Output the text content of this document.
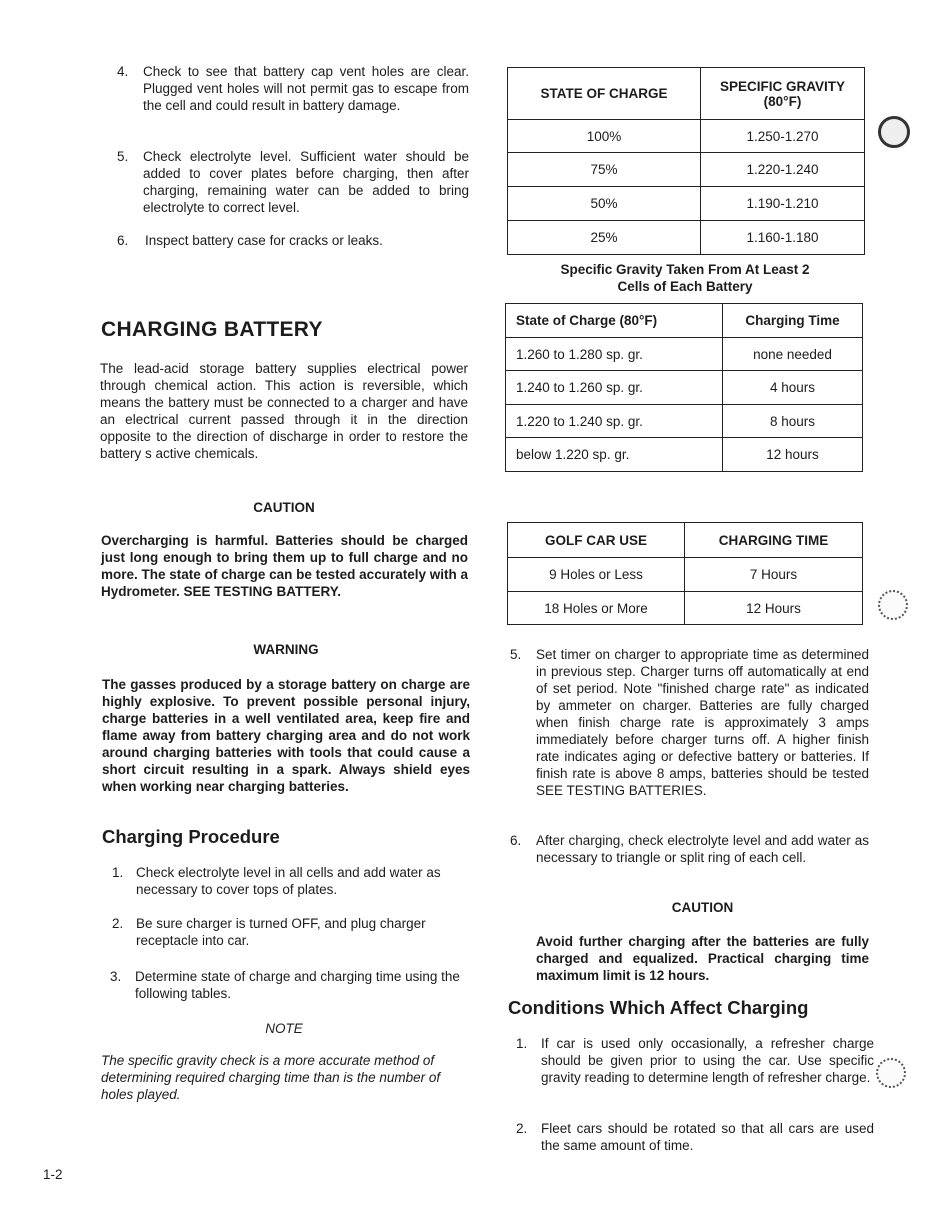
4. Check to see that battery cap vent holes are clear. Plugged vent holes will not permit gas to escape from the cell and could result in battery damage.

5. Check electrolyte level. Sufficient water should be added to cover plates before charging, then after charging, remaining water can be added to bring electrolyte to correct level.

6. Inspect battery case for cracks or leaks.

CHARGING BATTERY

The lead-acid storage battery supplies electrical power through chemical action. This action is reversible, which means the battery must be connected to a charger and have an electrical current passed through it in the direction opposite to the direction of discharge in order to restore the battery s active chemicals.

CAUTION

Overcharging is harmful. Batteries should be charged just long enough to bring them up to full charge and no more. The state of charge can be tested accurately with a Hydrometer. SEE TESTING BATTERY.

WARNING

The gasses produced by a storage battery on charge are highly explosive. To prevent possible personal injury, charge batteries in a well ventilated area, keep fire and flame away from battery charging area and do not work around charging batteries with tools that could cause a short circuit resulting in a spark. Always shield eyes when working near charging batteries.

Charging Procedure
1. Check electrolyte level in all cells and add water as necessary to cover tops of plates.

2. Be sure charger is turned OFF, and plug charger receptacle into car.

3. Determine state of charge and charging time using the following tables.

NOTE

The specific gravity check is a more accurate method of determining required charging time than is the number of holes played.

1-2
STATE OF CHARGE	SPECIFIC GRAVITY (80°F)
100%	1.250-1.270
75%	1.220-1.240
50%	1.190-1.210
25%	1.160-1.180
Specific Gravity Taken From At Least 2 Cells of Each Battery
State of Charge (80°F)	Charging Time
1.260 to 1.280 sp. gr.	none needed
1.240 to 1.260 sp. gr.	4 hours
1.220 to 1.240 sp. gr.	8 hours
below 1.220 sp. gr.	12 hours
GOLF CAR USE	CHARGING TIME
9 Holes or Less	7 Hours
18 Holes or More	12 Hours
5. Set timer on charger to appropriate time as determined in previous step. Charger turns off automatically at end of set period. Note "finished charge rate" as indicated by ammeter on charger. Batteries are fully charged when finish charge rate is approximately 3 amps immediately before charger turns off. A higher finish rate indicates aging or defective battery or batteries. If finish rate is above 8 amps, batteries should be tested SEE TESTING BATTERIES.

6. After charging, check electrolyte level and add water as necessary to triangle or split ring of each cell.

CAUTION

Avoid further charging after the batteries are fully charged and equalized. Practical charging time maximum limit is 12 hours.

Conditions Which Affect Charging
1. If car is used only occasionally, a refresher charge should be given prior to using the car. Use specific gravity reading to determine length of refresher charge.

2. Fleet cars should be rotated so that all cars are used the same amount of time.
